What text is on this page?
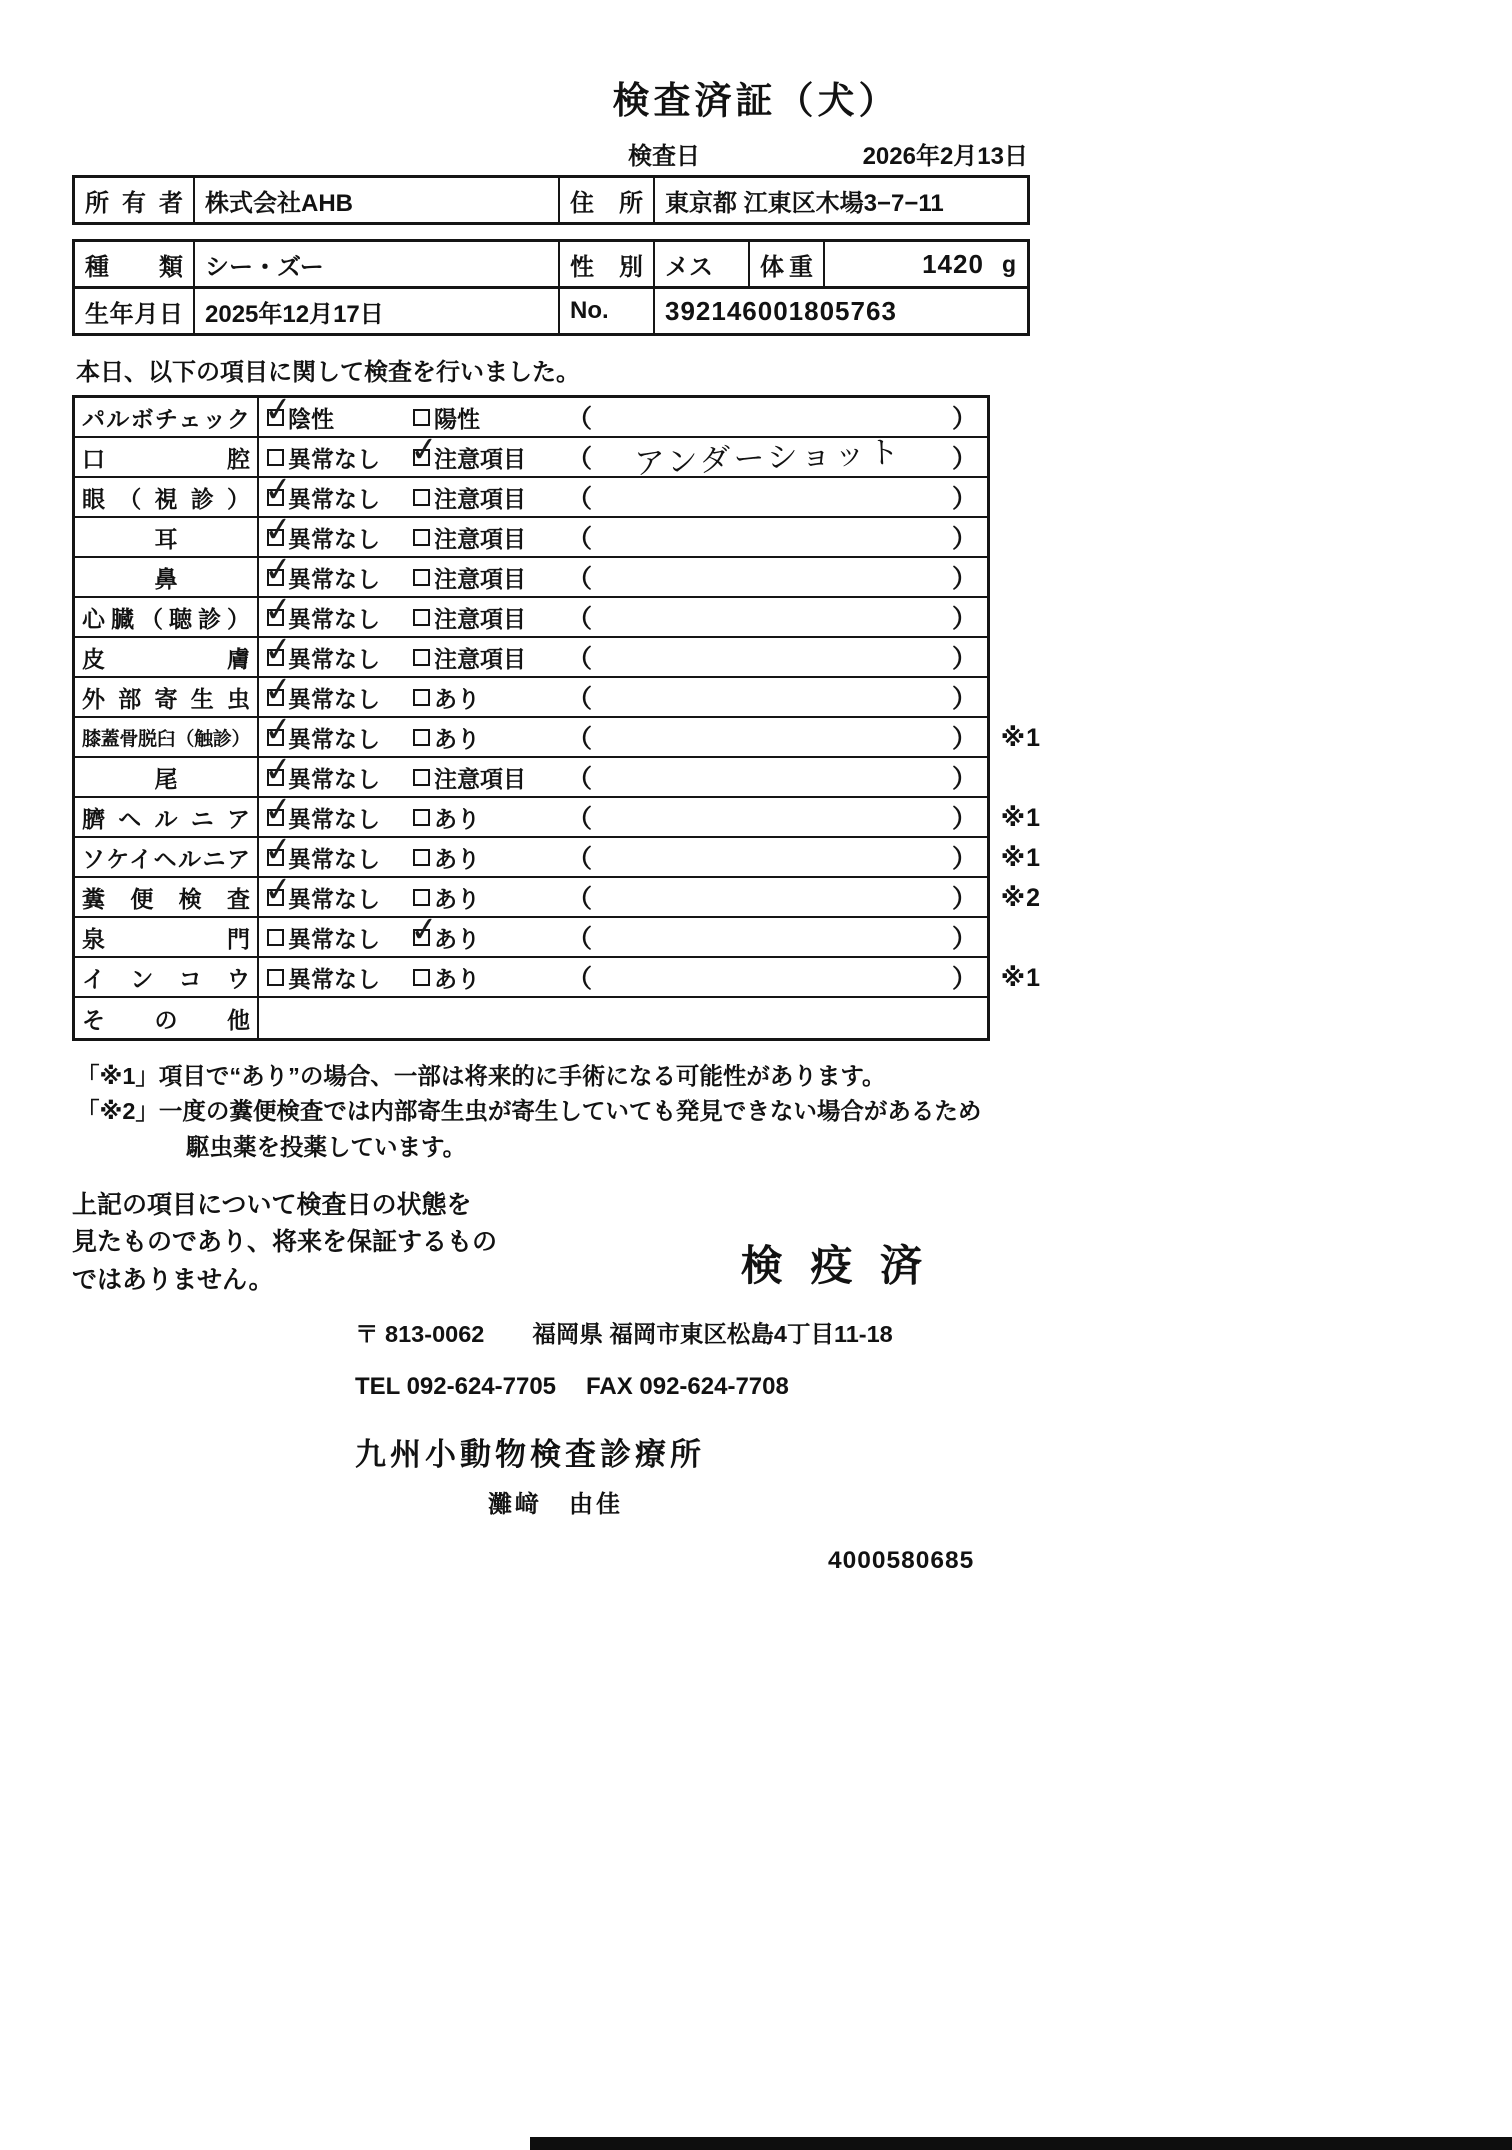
検査済証（犬）
検査日	2026年2月13日
所有者 株式会社AHB	住所 東京都 江東区木場3−7−11
種類 シー・ズー	性別 メス 体重	1420 g
生年月日 2025年12月17日	No.	392146001805763
本日、以下の項目に関して検査を行いました。
パルボチェック ✓ 陰性	陽性	（	）
口腔 異常なし ✓ 注意項目 （	アンダーショット	）
眼（視診） ✓ 異常なし 注意項目 （	）
耳 ✓	異常なし 注意項目 （	）
鼻 ✓	異常なし 注意項目 （	）
心臓（聴診） ✓ 異常なし 注意項目 （	）
皮膚 ✓ 異常なし 注意項目 （	）
外部寄生虫 ✓ 異常なし あり	（	）
膝蓋骨脱臼（触診） ✓ 異常なし あり	（	） ※1
尾 ✓	異常なし 注意項目 （	）
臍ヘルニア ✓ 異常なし あり	（	） ※1
ソケイヘルニア ✓ 異常なし あり	（	） ※1
糞便検査 ✓ 異常なし あり	（	） ※2
泉門 異常なし ✓ あり	（	）
インコウ 異常なし あり	（	） ※1
その他
「※1」項目で“あり”の場合、一部は将来的に手術になる可能性があります。
「※2」一度の糞便検査では内部寄生虫が寄生していても発見できない場合があるため
駆虫薬を投薬しています。
上記の項目について検査日の状態を
見たものであり、将来を保証するもの
ではありません。	検 疫 済
〒 813-0062 福岡県 福岡市東区松島4丁目11-18
TEL 092-624-7705 FAX 092-624-7708
九州小動物検査診療所
灘﨑　由佳
4000580685
